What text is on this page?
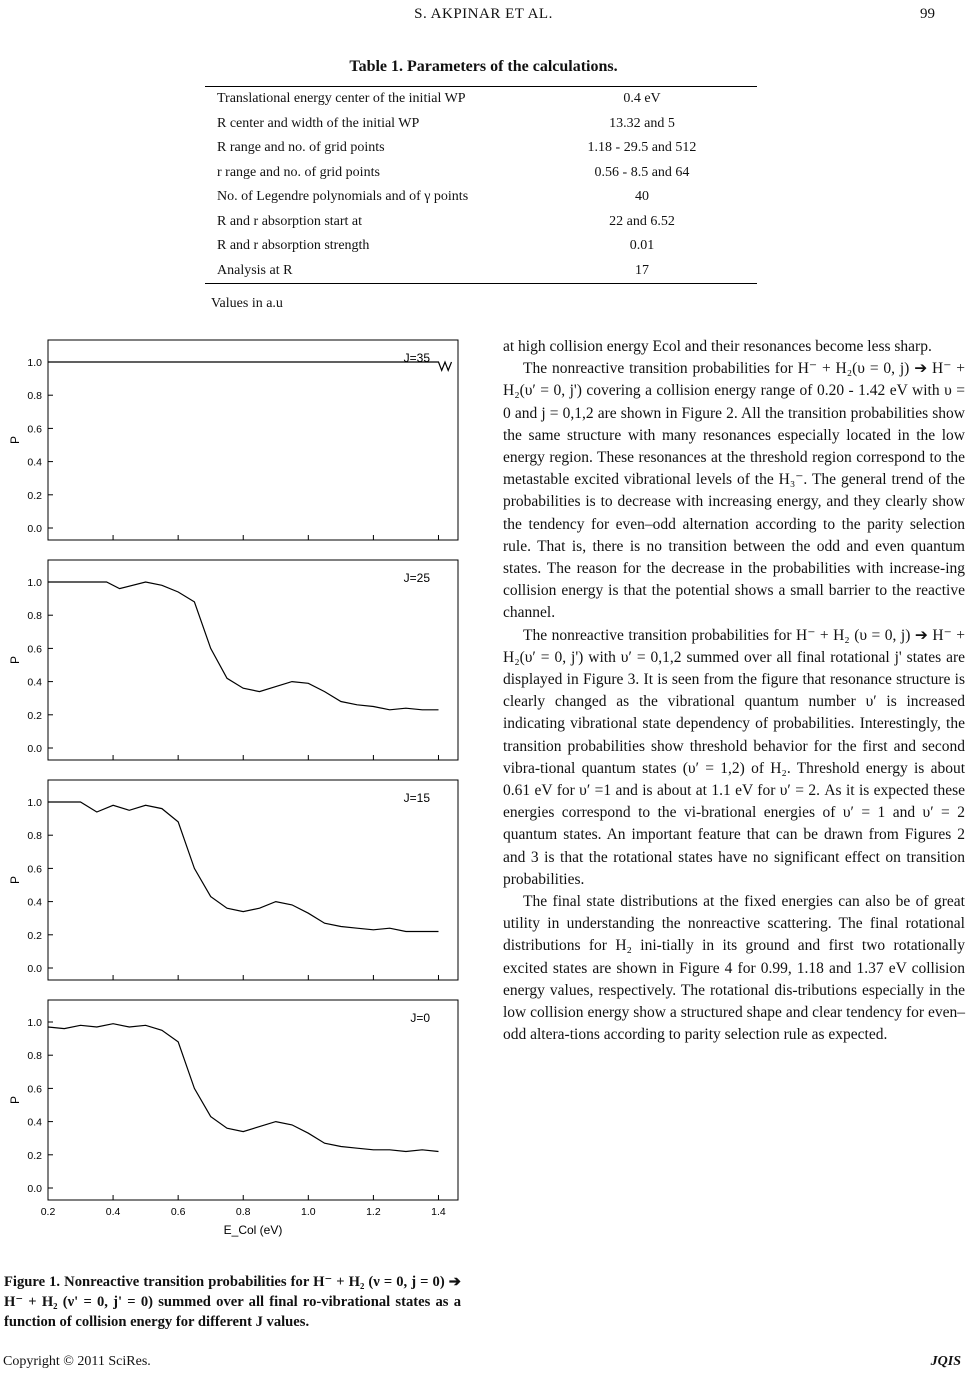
S. AKPINAR ET AL.	99
Table 1. Parameters of the calculations.
Translational energy center of the initial WP	0.4 eV
R center and width of the initial WP	13.32 and 5
R range and no. of grid points	1.18 - 29.5 and 512
r range and no. of grid points	0.56 - 8.5 and 64
No. of Legendre polynomials and of γ points	40
R and r absorption start at	22 and 6.52
R and r absorption strength	0.01
Analysis at R	17
Values in a.u
0.0
0.2
0.4
0.6
0.8
1.0
P
J=35
0.0
0.2
0.4
0.6
0.8
1.0
P
J=25
0.0
0.2
0.4
0.6
0.8
1.0
P
J=15
0.0
0.2
0.4
0.6
0.8
1.0
P
J=0
0.2	0.4	0.6	0.8	1.0	1.2	1.4
E_Col (eV)
Figure 1. Nonreactive transition probabilities for H⁻ + H₂ (ν = 0, j = 0) ➔ H⁻ + H₂ (ν' = 0, j' = 0) summed over all final ro-vibrational states as a function of collision energy for different J values.

at high collision energy Ecol and their resonances become less sharp.

The nonreactive transition probabilities for H⁻ + H₂(υ = 0, j) ➔ H⁻ + H₂(υ′ = 0, j') covering a collision energy range of 0.20 - 1.42 eV with υ = 0 and j = 0,1,2 are shown in Figure 2. All the transition probabilities show the same structure with many resonances especially located in the low energy region. These resonances at the threshold region correspond to the metastable excited vibrational levels of the H₃⁻. The general trend of the probabilities is to decrease with increasing energy, and they clearly show the tendency for even–odd alternation according to the parity selection rule. That is, there is no transition between the odd and even quantum states. The reason for the decrease in the probabilities with increase-ing collision energy is that the potential shows a small barrier to the reactive channel.

The nonreactive transition probabilities for H⁻ + H₂ (υ = 0, j) ➔ H⁻ + H₂(υ′ = 0, j') with υ′ = 0,1,2 summed over all final rotational j' states are displayed in Figure 3. It is seen from the figure that resonance structure is clearly changed as the vibrational quantum number υ′ is increased indicating vibrational state dependency of probabilities. Interestingly, the transition probabilities show threshold behavior for the first and second vibra-tional quantum states (υ′ = 1,2) of H₂. Threshold energy is about 0.61 eV for υ′ =1 and is about at 1.1 eV for υ′ = 2. As it is expected these energies correspond to the vi-brational energies of υ′ = 1 and υ′ = 2 quantum states. An important feature that can be drawn from Figures 2 and 3 is that the rotational states have no significant effect on transition probabilities.

The final state distributions at the fixed energies can also be of great utility in understanding the nonreactive scattering. The final rotational distributions for H₂ ini-tially in its ground and first two rotationally excited states are shown in Figure 4 for 0.99, 1.18 and 1.37 eV collision energy values, respectively. The rotational dis-tributions especially in the low collision energy show a structured shape and clear tendency for even–odd altera-tions according to parity selection rule as expected.

Copyright © 2011 SciRes.	JQIS
